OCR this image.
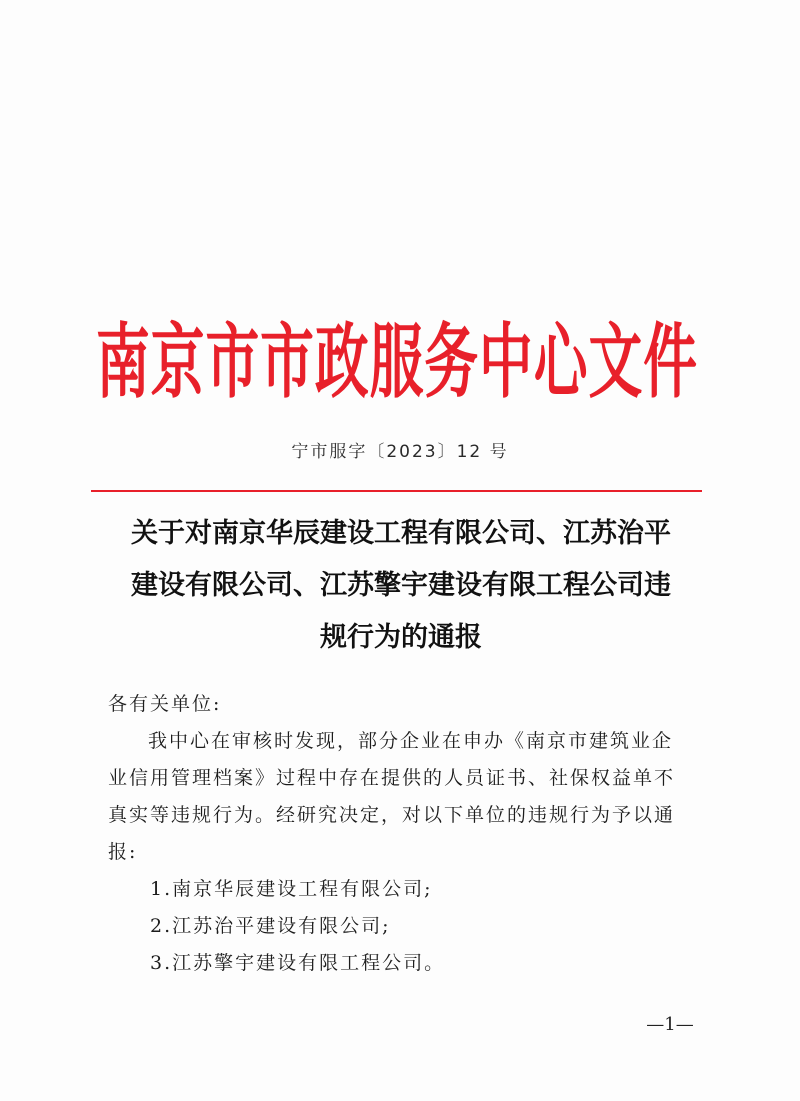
南京市市政服务中心文件
宁市服字〔2023〕12 号
关于对南京华辰建设工程有限公司、江苏治平
建设有限公司、江苏擎宇建设有限工程公司违
规行为的通报

各有关单位:

我中心在审核时发现，部分企业在申办《南京市建筑业企

业信用管理档案》过程中存在提供的人员证书、社保权益单不

真实等违规行为。经研究决定，对以下单位的违规行为予以通

报:

1.南京华辰建设工程有限公司;

2.江苏治平建设有限公司;

3.江苏擎宇建设有限工程公司。

—1—
